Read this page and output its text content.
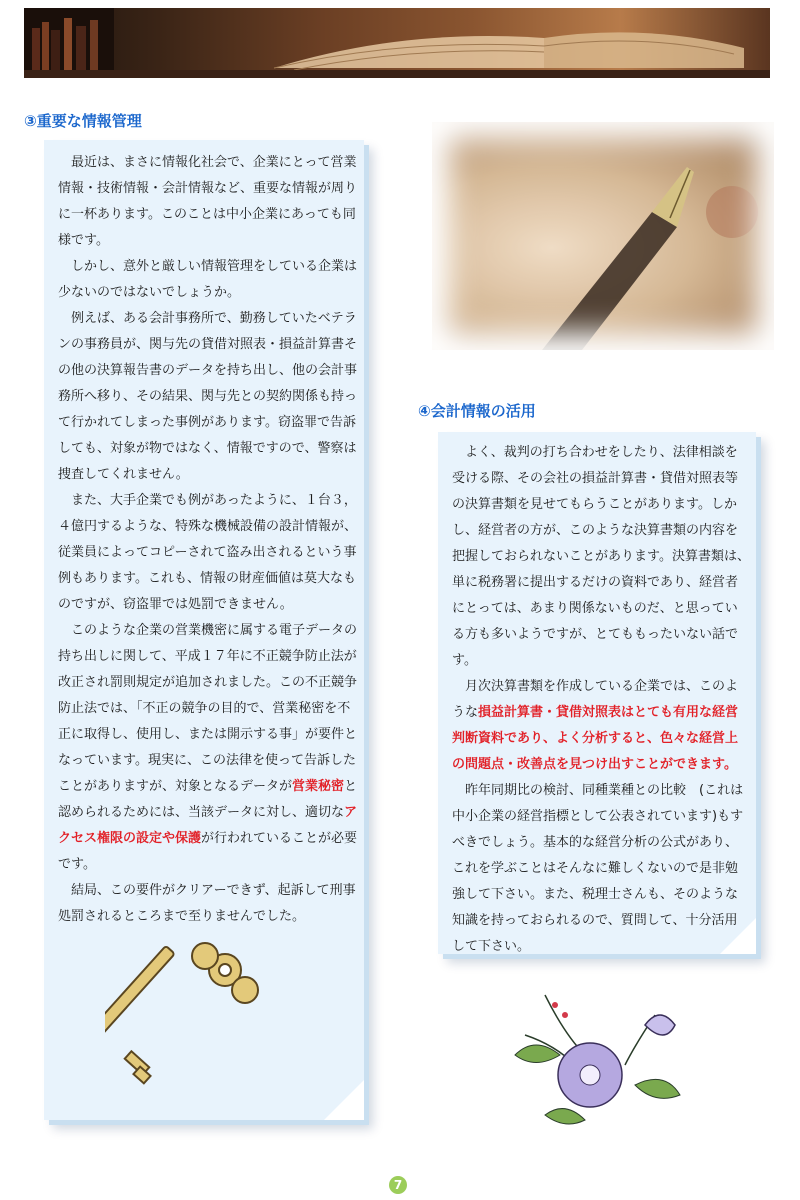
③重要な情報管理

最近は、まさに情報化社会で、企業にとって営業情報・技術情報・会計情報など、重要な情報が周りに一杯あります。このことは中小企業にあっても同様です。

しかし、意外と厳しい情報管理をしている企業は少ないのではないでしょうか。

例えば、ある会計事務所で、勤務していたベテランの事務員が、関与先の貸借対照表・損益計算書その他の決算報告書のデータを持ち出し、他の会計事務所へ移り、その結果、関与先との契約関係も持って行かれてしまった事例があります。窃盗罪で告訴しても、対象が物ではなく、情報ですので、警察は捜査してくれません。

また、大手企業でも例があったように、１台３，４億円するような、特殊な機械設備の設計情報が、従業員によってコピーされて盗み出されるという事例もあります。これも、情報の財産価値は莫大なものですが、窃盗罪では処罰できません。

このような企業の営業機密に属する電子データの持ち出しに関して、平成１７年に不正競争防止法が改正され罰則規定が追加されました。この不正競争防止法では、「不正の競争の目的で、営業秘密を不正に取得し、使用し、または開示する事」が要件となっています。現実に、この法律を使って告訴したことがありますが、対象となるデータが営業秘密と認められるためには、当該データに対し、適切なアクセス権限の設定や保護が行われていることが必要です。

結局、この要件がクリアーできず、起訴して刑事処罰されるところまで至りませんでした。

④会計情報の活用

よく、裁判の打ち合わせをしたり、法律相談を受ける際、その会社の損益計算書・貸借対照表等の決算書類を見せてもらうことがあります。しかし、経営者の方が、このような決算書類の内容を把握しておられないことがあります。決算書類は、単に税務署に提出するだけの資料であり、経営者にとっては、あまり関係ないものだ、と思っている方も多いようですが、とてももったいない話です。

月次決算書類を作成している企業では、このような損益計算書・貸借対照表はとても有用な経営判断資料であり、よく分析すると、色々な経営上の問題点・改善点を見つけ出すことができます。

昨年同期比の検討、同種業種との比較　(これは中小企業の経営指標として公表されています)もすべきでしょう。基本的な経営分析の公式があり、これを学ぶことはそんなに難しくないので是非勉強して下さい。また、税理士さんも、そのような知識を持っておられるので、質問して、十分活用して下さい。

7
